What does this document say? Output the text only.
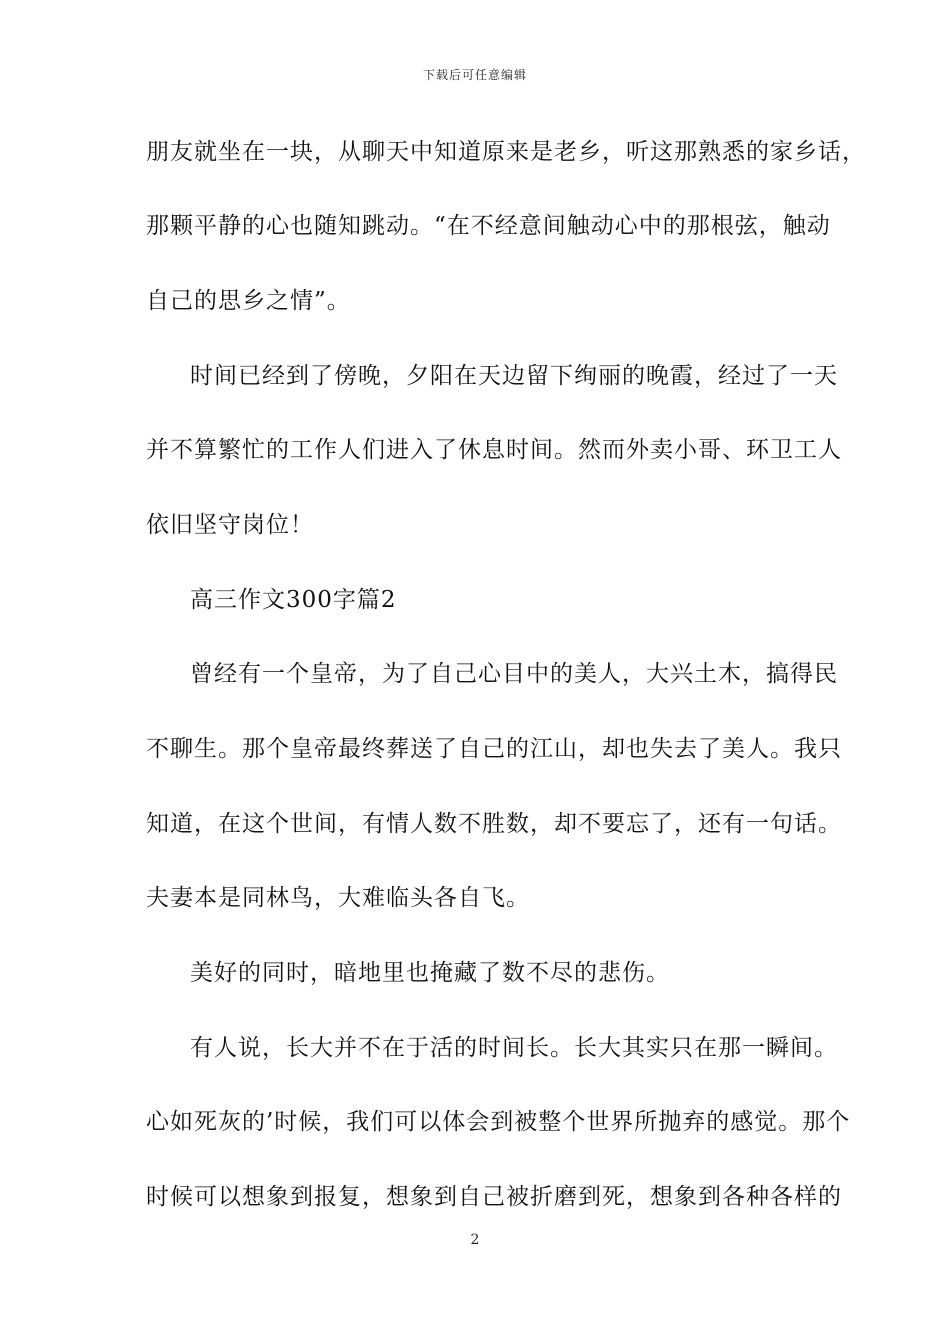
下载后可任意编辑
朋友就坐在一块，从聊天中知道原来是老乡，听这那熟悉的家乡话，
那颗平静的心也随知跳动。“在不经意间触动心中的那根弦，触动
自己的思乡之情”。
时间已经到了傍晚，夕阳在天边留下绚丽的晚霞，经过了一天
并不算繁忙的工作人们进入了休息时间。然而外卖小哥、环卫工人
依旧坚守岗位！
高三作文300字篇2
曾经有一个皇帝，为了自己心目中的美人，大兴土木，搞得民
不聊生。那个皇帝最终葬送了自己的江山，却也失去了美人。我只
知道，在这个世间，有情人数不胜数，却不要忘了，还有一句话。
夫妻本是同林鸟，大难临头各自飞。
美好的同时，暗地里也掩藏了数不尽的悲伤。
有人说，长大并不在于活的时间长。长大其实只在那一瞬间。
心如死灰的’时候，我们可以体会到被整个世界所抛弃的感觉。那个
时候可以想象到报复，想象到自己被折磨到死，想象到各种各样的
2
